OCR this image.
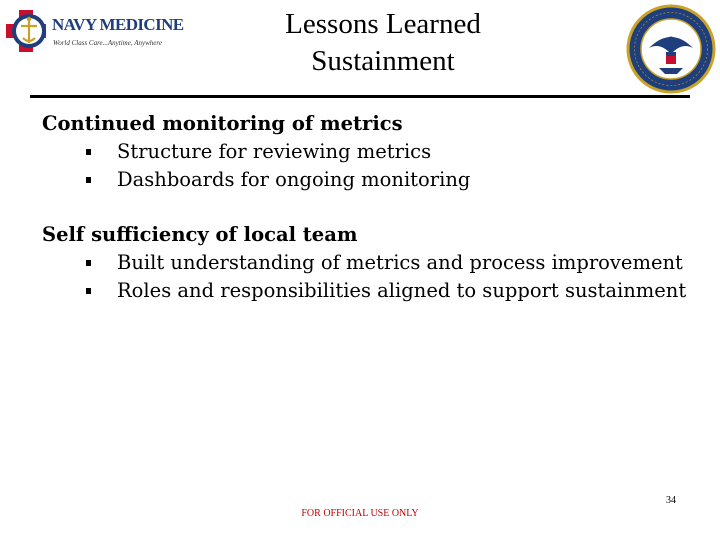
NAVY MEDICINE
World Class Care...Anytime, Anywhere
Lessons Learned
Sustainment
Continued monitoring of metrics
Structure for reviewing metrics
Dashboards for ongoing monitoring
Self sufficiency of local team
Built understanding of metrics and process improvement
Roles and responsibilities aligned to support sustainment
34
FOR OFFICIAL USE ONLY
